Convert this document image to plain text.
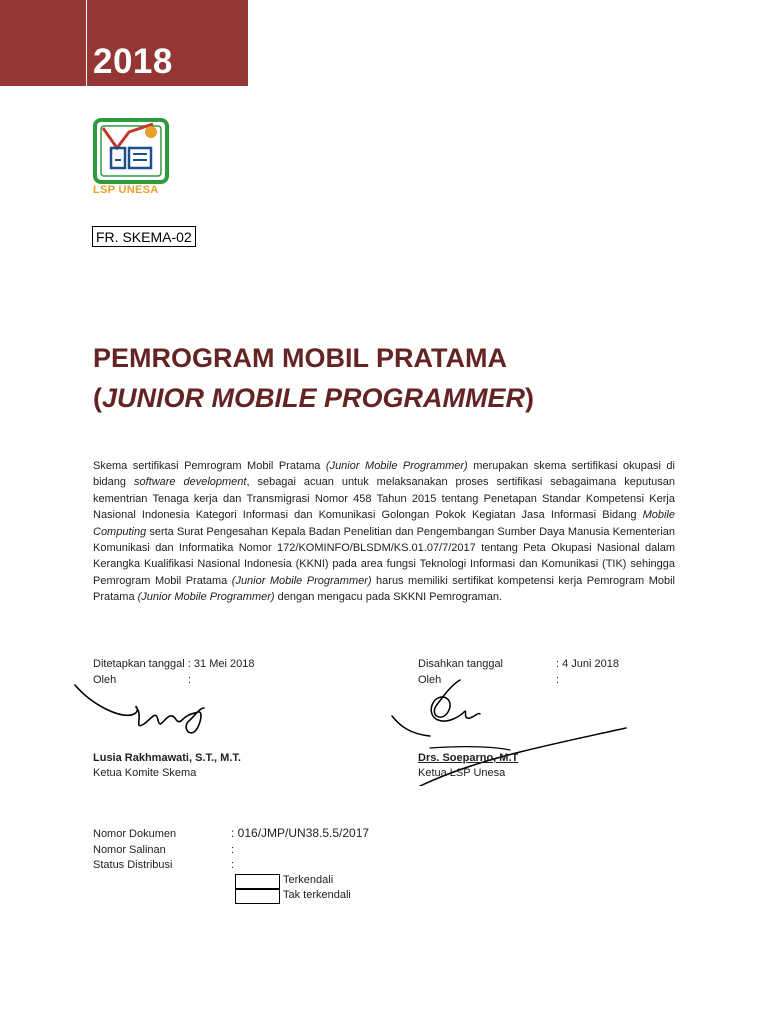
2018
LSP UNESA
FR. SKEMA-02
PEMROGRAM MOBIL PRATAMA
(JUNIOR MOBILE PROGRAMMER)
Skema sertifikasi Pemrogram Mobil Pratama (Junior Mobile Programmer) merupakan skema sertifikasi okupasi di bidang software development, sebagai acuan untuk melaksanakan proses sertifikasi sebagaimana keputusan kementrian Tenaga kerja dan Transmigrasi Nomor 458 Tahun 2015 tentang Penetapan Standar Kompetensi Kerja Nasional Indonesia Kategori Informasi dan Komunikasi Golongan Pokok Kegiatan Jasa Informasi Bidang Mobile Computing serta Surat Pengesahan Kepala Badan Penelitian dan Pengembangan Sumber Daya Manusia Kementerian Komunikasi dan Informatika Nomor 172/KOMINFO/BLSDM/KS.01.07/7/2017 tentang Peta Okupasi Nasional dalam Kerangka Kualifikasi Nasional Indonesia (KKNI) pada area fungsi Teknologi Informasi dan Komunikasi (TIK) sehingga Pemrogram Mobil Pratama (Junior Mobile Programmer) harus memiliki sertifikat kompetensi kerja Pemrogram Mobil Pratama (Junior Mobile Programmer) dengan mengacu pada SKKNI Pemrograman.
Ditetapkan tanggal : 31 Mei 2018
Oleh	:
Lusia Rakhmawati, S.T., M.T.
Ketua Komite Skema
Disahkan tanggal	: 4 Juni 2018
Oleh	:
Drs. Soeparno, M.T
Ketua LSP Unesa
Nomor Dokumen	: 016/JMP/UN38.5.5/2017
Nomor Salinan	:
Status Distribusi	:
Terkendali
Tak terkendali
